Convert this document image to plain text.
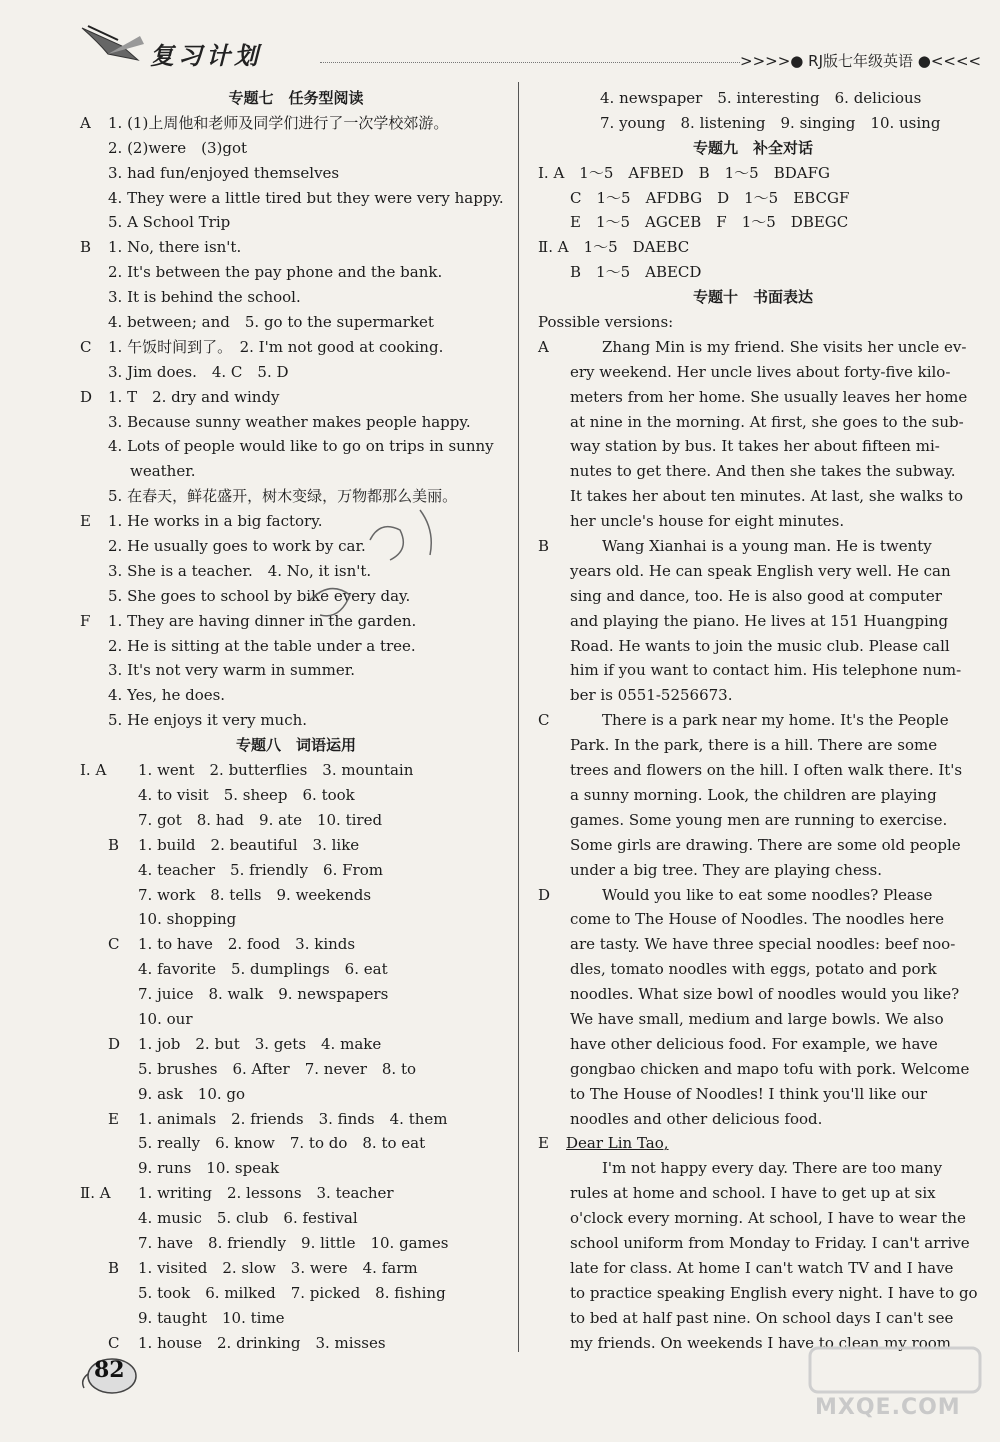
复习计划	>>>>● RJ版七年级英语 ●<<<<
专题七　任务型阅读
A 1. (1)上周他和老师及同学们进行了一次学校郊游。
2. (2)were　(3)got
3. had fun/enjoyed themselves
4. They were a little tired but they were very happy.
5. A School Trip
B 1. No, there isn't.
2. It's between the pay phone and the bank.
3. It is behind the school.
4. between; and　5. go to the supermarket
C 1. 午饭时间到了。　2. I'm not good at cooking.
3. Jim does.　4. C　5. D
D 1. T　2. dry and windy
3. Because sunny weather makes people happy.
4. Lots of people would like to go on trips in sunny
weather.
5. 在春天，鲜花盛开，树木变绿，万物都那么美丽。
E 1. He works in a big factory.
2. He usually goes to work by car.
3. She is a teacher.　4. No, it isn't.
5. She goes to school by bike every day.
F 1. They are having dinner in the garden.
2. He is sitting at the table under a tree.
3. It's not very warm in summer.
4. Yes, he does.
5. He enjoys it very much.
专题八　词语运用
Ⅰ. A 1. went　2. butterflies　3. mountain
4. to visit　5. sheep　6. took
7. got　8. had　9. ate　10. tired
B 1. build　2. beautiful　3. like
4. teacher　5. friendly　6. From
7. work　8. tells　9. weekends
10. shopping
C 1. to have　2. food　3. kinds
4. favorite　5. dumplings　6. eat
7. juice　8. walk　9. newspapers
10. our
D 1. job　2. but　3. gets　4. make
5. brushes　6. After　7. never　8. to
9. ask　10. go
E 1. animals　2. friends　3. finds　4. them
5. really　6. know　7. to do　8. to eat
9. runs　10. speak
Ⅱ. A 1. writing　2. lessons　3. teacher
4. music　5. club　6. festival
7. have　8. friendly　9. little　10. games
B 1. visited　2. slow　3. were　4. farm
5. took　6. milked　7. picked　8. fishing
9. taught　10. time
C 1. house　2. drinking　3. misses
4. newspaper　5. interesting　6. delicious
7. young　8. listening　9. singing　10. using
专题九　补全对话
Ⅰ. A　1～5　AFBED　B　1～5　BDAFG
C　1～5　AFDBG　D　1～5　EBCGF
E　1～5　AGCEB　F　1～5　DBEGC
Ⅱ. A　1～5　DAEBC
B　1～5　ABECD
专题十　书面表达
Possible versions:
A	Zhang Min is my friend. She visits her uncle ev-
ery weekend. Her uncle lives about forty-five kilo-
meters from her home. She usually leaves her home
at nine in the morning. At first, she goes to the sub-
way station by bus. It takes her about fifteen mi-
nutes to get there. And then she takes the subway.
It takes her about ten minutes. At last, she walks to
her uncle's house for eight minutes.
B	Wang Xianhai is a young man. He is twenty
years old. He can speak English very well. He can
sing and dance, too. He is also good at computer
and playing the piano. He lives at 151 Huangping
Road. He wants to join the music club. Please call
him if you want to contact him. His telephone num-
ber is 0551-5256673.
C	There is a park near my home. It's the People
Park. In the park, there is a hill. There are some
trees and flowers on the hill. I often walk there. It's
a sunny morning. Look, the children are playing
games. Some young men are running to exercise.
Some girls are drawing. There are some old people
under a big tree. They are playing chess.
D	Would you like to eat some noodles? Please
come to The House of Noodles. The noodles here
are tasty. We have three special noodles: beef noo-
dles, tomato noodles with eggs, potato and pork
noodles. What size bowl of noodles would you like?
We have small, medium and large bowls. We also
have other delicious food. For example, we have
gongbao chicken and mapo tofu with pork. Welcome
to The House of Noodles! I think you'll like our
noodles and other delicious food.
E Dear Lin Tao,
I'm not happy every day. There are too many
rules at home and school. I have to get up at six
o'clock every morning. At school, I have to wear the
school uniform from Monday to Friday. I can't arrive
late for class. At home I can't watch TV and I have
to practice speaking English every night. I have to go
to bed at half past nine. On school days I can't see
my friends. On weekends I have to clean my room
82
MXQE.COM
